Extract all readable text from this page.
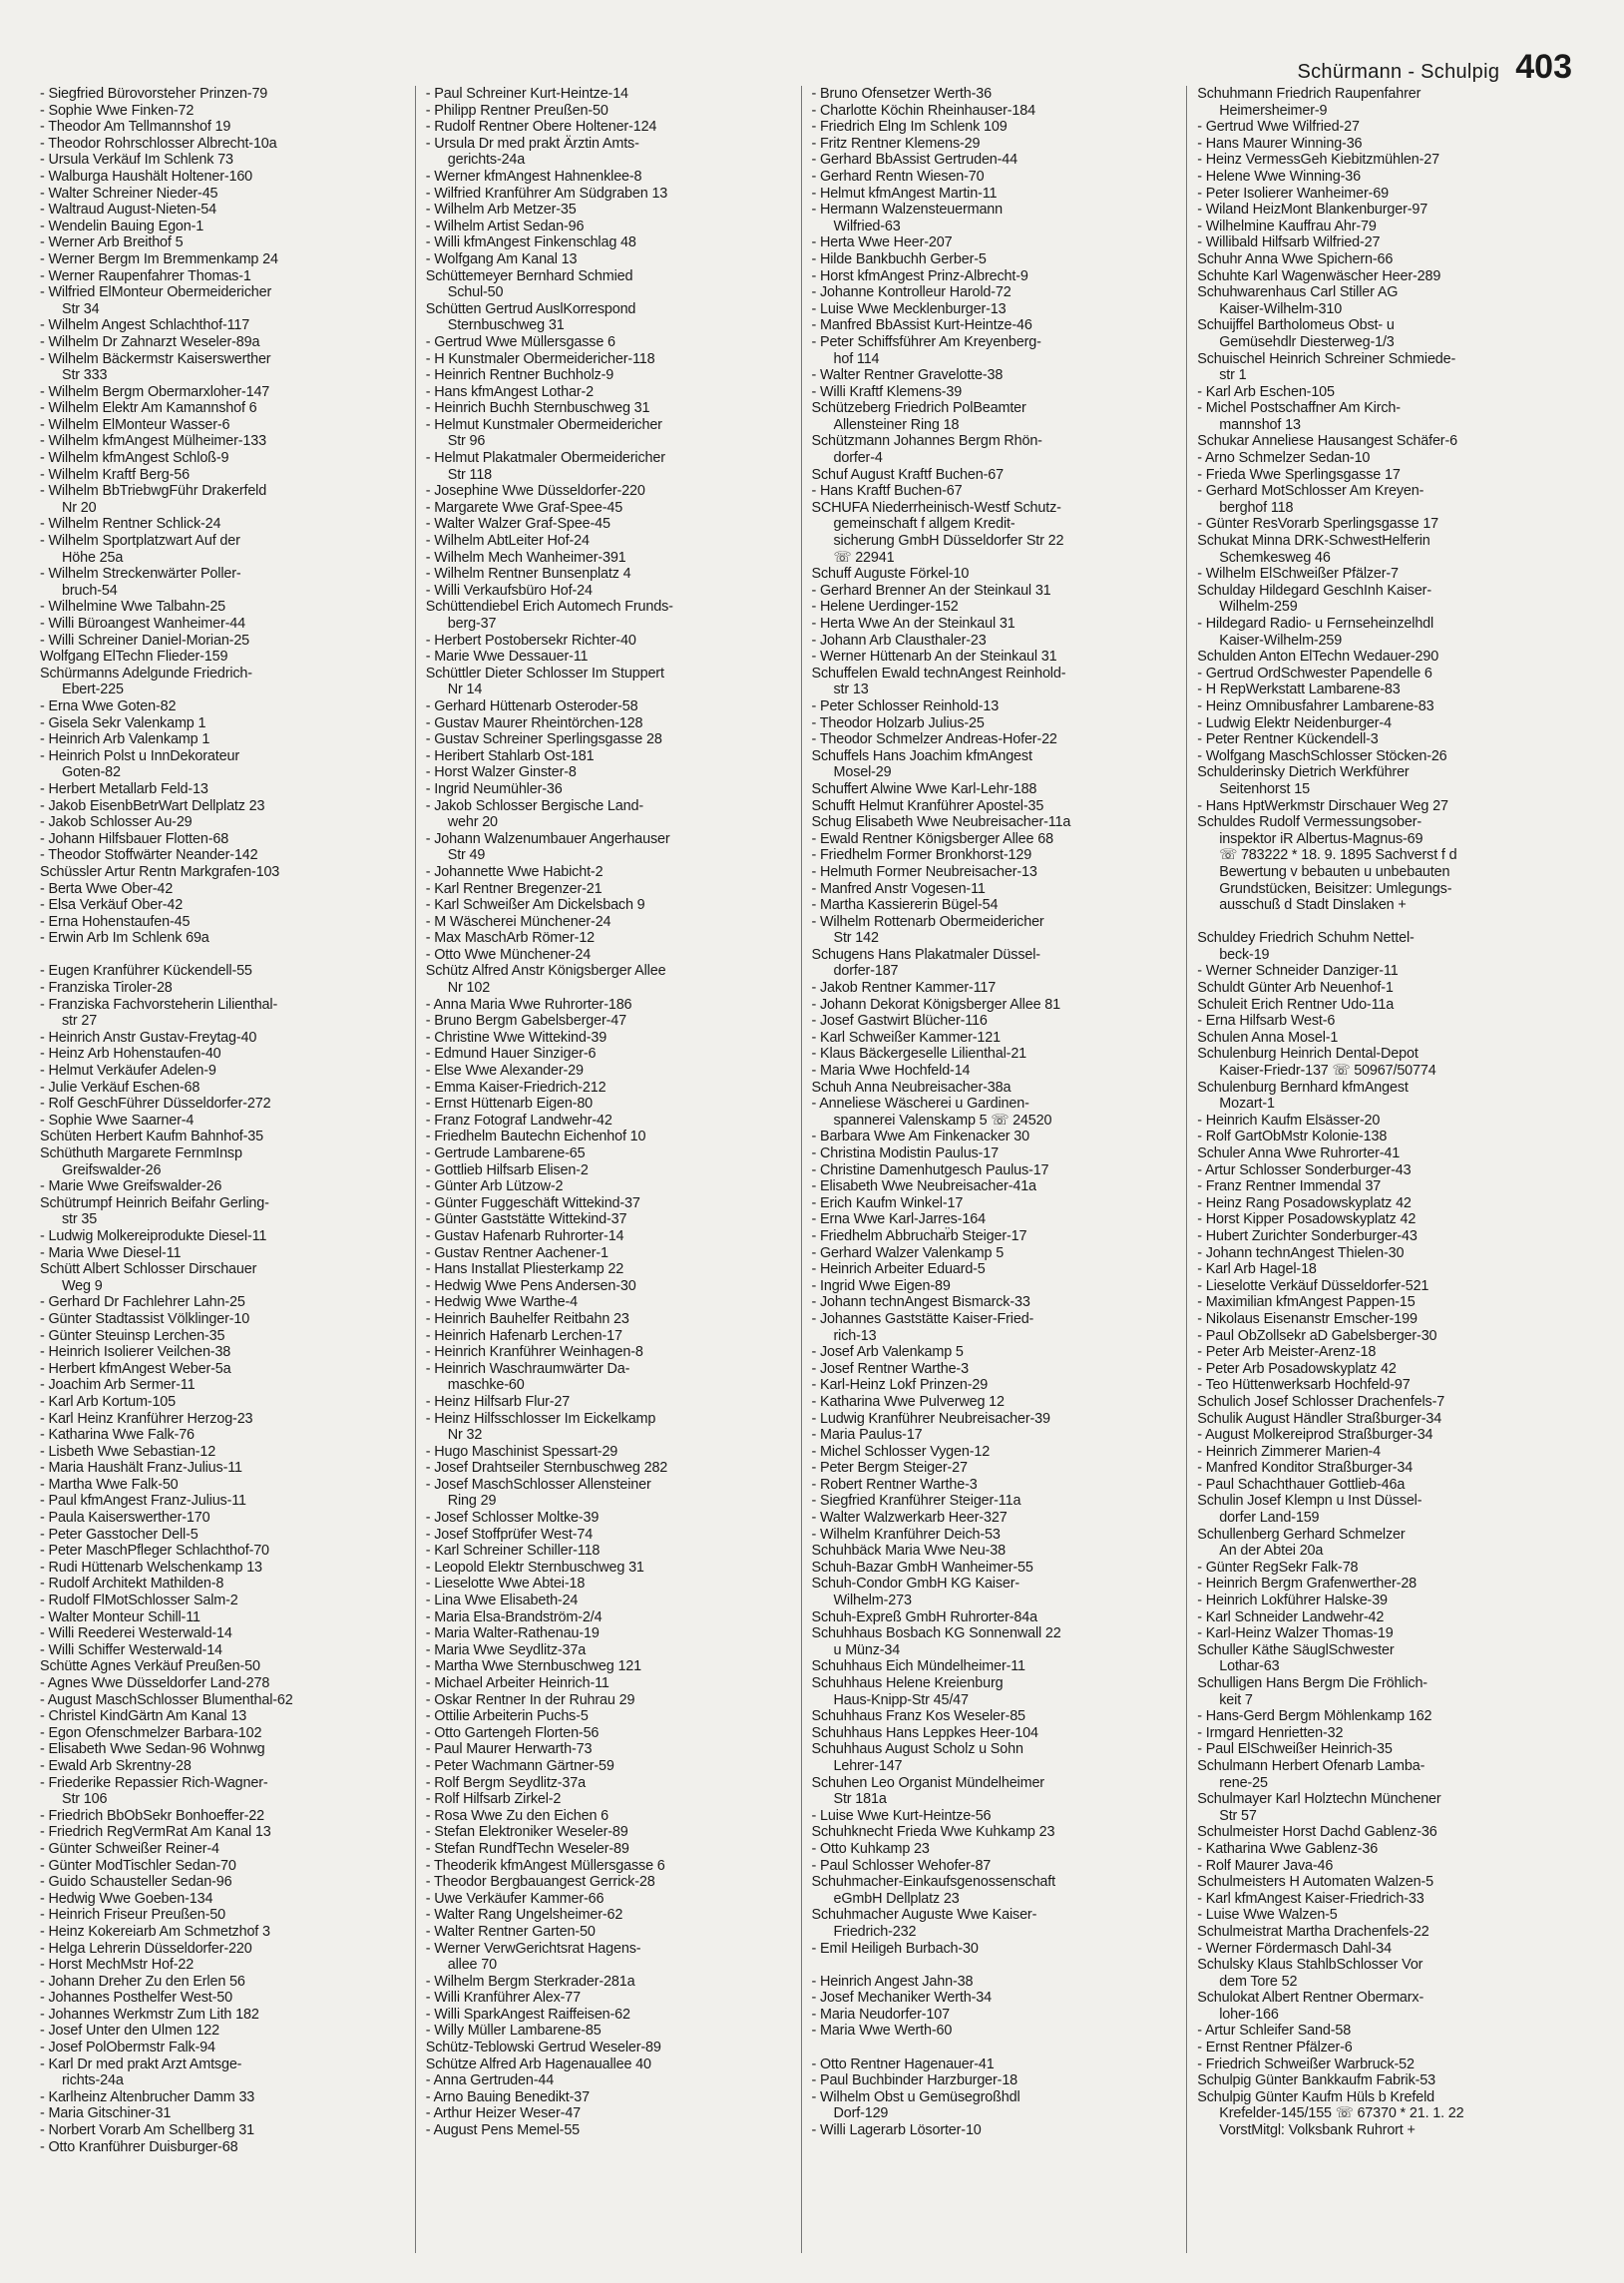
Schürmann - Schulpig 403
- Siegfried Bürovorsteher Prinzen-79
- Sophie Wwe Finken-72
- Theodor Am Tellmannshof 19
- Theodor Rohrschlosser Albrecht-10a
- Ursula Verkäuf Im Schlenk 73
- Walburga Haushält Holtener-160
- Walter Schreiner Nieder-45
- Waltraud August-Nieten-54
- Wendelin Bauing Egon-1
- Werner Arb Breithof 5
- Werner Bergm Im Bremmenkamp 24
- Werner Raupenfahrer Thomas-1
- Wilfried ElMonteur Obermeidericher
Str 34
- Wilhelm Angest Schlachthof-117
- Wilhelm Dr Zahnarzt Weseler-89a
- Wilhelm Bäckermstr Kaiserswerther
Str 333
- Wilhelm Bergm Obermarxloher-147
- Wilhelm Elektr Am Kamannshof 6
- Wilhelm ElMonteur Wasser-6
- Wilhelm kfmAngest Mülheimer-133
- Wilhelm kfmAngest Schloß-9
- Wilhelm Kraftf Berg-56
- Wilhelm BbTriebwgFühr Drakerfeld
Nr 20
- Wilhelm Rentner Schlick-24
- Wilhelm Sportplatzwart Auf der
Höhe 25a
- Wilhelm Streckenwärter Poller-
bruch-54
- Wilhelmine Wwe Talbahn-25
- Willi Büroangest Wanheimer-44
- Willi Schreiner Daniel-Morian-25
Wolfgang ElTechn Flieder-159
Schürmanns Adelgunde Friedrich-
Ebert-225
- Erna Wwe Goten-82
- Gisela Sekr Valenkamp 1
- Heinrich Arb Valenkamp 1
- Heinrich Polst u InnDekorateur
Goten-82
- Herbert Metallarb Feld-13
- Jakob EisenbBetrWart Dellplatz 23
- Jakob Schlosser Au-29
- Johann Hilfsbauer Flotten-68
- Theodor Stoffwärter Neander-142
Schüssler Artur Rentn Markgrafen-103
- Berta Wwe Ober-42
- Elsa Verkäuf Ober-42
- Erna Hohenstaufen-45
- Erwin Arb Im Schlenk 69a

- Eugen Kranführer Kückendell-55
- Franziska Tiroler-28
- Franziska Fachvorsteherin Lilienthal-
str 27
- Heinrich Anstr Gustav-Freytag-40
- Heinz Arb Hohenstaufen-40
- Helmut Verkäufer Adelen-9
- Julie Verkäuf Eschen-68
- Rolf GeschFührer Düsseldorfer-272
- Sophie Wwe Saarner-4
Schüten Herbert Kaufm Bahnhof-35
Schüthuth Margarete FernmInsp
Greifswalder-26
- Marie Wwe Greifswalder-26
Schütrumpf Heinrich Beifahr Gerling-
str 35
- Ludwig Molkereiprodukte Diesel-11
- Maria Wwe Diesel-11
Schütt Albert Schlosser Dirschauer
Weg 9
- Gerhard Dr Fachlehrer Lahn-25
- Günter Stadtassist Völklinger-10
- Günter Steuinsp Lerchen-35
- Heinrich Isolierer Veilchen-38
- Herbert kfmAngest Weber-5a
- Joachim Arb Sermer-11
- Karl Arb Kortum-105
- Karl Heinz Kranführer Herzog-23
- Katharina Wwe Falk-76
- Lisbeth Wwe Sebastian-12
- Maria Haushält Franz-Julius-11
- Martha Wwe Falk-50
- Paul kfmAngest Franz-Julius-11
- Paula Kaiserswerther-170
- Peter Gasstocher Dell-5
- Peter MaschPfleger Schlachthof-70
- Rudi Hüttenarb Welschenkamp 13
- Rudolf Architekt Mathilden-8
- Rudolf FlMotSchlosser Salm-2
- Walter Monteur Schill-11
- Willi Reederei Westerwald-14
- Willi Schiffer Westerwald-14
Schütte Agnes Verkäuf Preußen-50
- Agnes Wwe Düsseldorfer Land-278
- August MaschSchlosser Blumenthal-62
- Christel KindGärtn Am Kanal 13
- Egon Ofenschmelzer Barbara-102
- Elisabeth Wwe Sedan-96 Wohnwg
- Ewald Arb Skrentny-28
- Friederike Repassier Rich-Wagner-
Str 106
- Friedrich BbObSekr Bonhoeffer-22
- Friedrich RegVermRat Am Kanal 13
- Günter Schweißer Reiner-4
- Günter ModTischler Sedan-70
- Guido Schausteller Sedan-96
- Hedwig Wwe Goeben-134
- Heinrich Friseur Preußen-50
- Heinz Kokereiarb Am Schmetzhof 3
- Helga Lehrerin Düsseldorfer-220
- Horst MechMstr Hof-22
- Johann Dreher Zu den Erlen 56
- Johannes Posthelfer West-50
- Johannes Werkmstr Zum Lith 182
- Josef Unter den Ulmen 122
- Josef PolObermstr Falk-94
- Karl Dr med prakt Arzt Amtsge-
richts-24a
- Karlheinz Altenbrucher Damm 33
- Maria Gitschiner-31
- Norbert Vorarb Am Schellberg 31
- Otto Kranführer Duisburger-68
- Paul Schreiner Kurt-Heintze-14
- Philipp Rentner Preußen-50
- Rudolf Rentner Obere Holtener-124
- Ursula Dr med prakt Ärztin Amts-
gerichts-24a
- Werner kfmAngest Hahnenklee-8
- Wilfried Kranführer Am Südgraben 13
- Wilhelm Arb Metzer-35
- Wilhelm Artist Sedan-96
- Willi kfmAngest Finkenschlag 48
- Wolfgang Am Kanal 13
Schüttemeyer Bernhard Schmied
Schul-50
Schütten Gertrud AuslKorrespond
Sternbuschweg 31
- Gertrud Wwe Müllersgasse 6
- H Kunstmaler Obermeidericher-118
- Heinrich Rentner Buchholz-9
- Hans kfmAngest Lothar-2
- Heinrich Buchh Sternbuschweg 31
- Helmut Kunstmaler Obermeidericher
Str 96
- Helmut Plakatmaler Obermeidericher
Str 118
- Josephine Wwe Düsseldorfer-220
- Margarete Wwe Graf-Spee-45
- Walter Walzer Graf-Spee-45
- Wilhelm AbtLeiter Hof-24
- Wilhelm Mech Wanheimer-391
- Wilhelm Rentner Bunsenplatz 4
- Willi Verkaufsbüro Hof-24
Schüttendiebel Erich Automech Frunds-
berg-37
- Herbert Postobersekr Richter-40
- Marie Wwe Dessauer-11
Schüttler Dieter Schlosser Im Stuppert
Nr 14
- Gerhard Hüttenarb Osteroder-58
- Gustav Maurer Rheintörchen-128
- Gustav Schreiner Sperlingsgasse 28
- Heribert Stahlarb Ost-181
- Horst Walzer Ginster-8
- Ingrid Neumühler-36
- Jakob Schlosser Bergische Land-
wehr 20
- Johann Walzenumbauer Angerhauser
Str 49
- Johannette Wwe Habicht-2
- Karl Rentner Bregenzer-21
- Karl Schweißer Am Dickelsbach 9
- M Wäscherei Münchener-24
- Max MaschArb Römer-12
- Otto Wwe Münchener-24
Schütz Alfred Anstr Königsberger Allee
Nr 102
- Anna Maria Wwe Ruhrorter-186
- Bruno Bergm Gabelsberger-47
- Christine Wwe Wittekind-39
- Edmund Hauer Sinziger-6
- Else Wwe Alexander-29
- Emma Kaiser-Friedrich-212
- Ernst Hüttenarb Eigen-80
- Franz Fotograf Landwehr-42
- Friedhelm Bautechn Eichenhof 10
- Gertrude Lambarene-65
- Gottlieb Hilfsarb Elisen-2
- Günter Arb Lützow-2
- Günter Fuggeschäft Wittekind-37
- Günter Gaststätte Wittekind-37
- Gustav Hafenarb Ruhrorter-14
- Gustav Rentner Aachener-1
- Hans Installat Pliesterkamp 22
- Hedwig Wwe Pens Andersen-30
- Hedwig Wwe Warthe-4
- Heinrich Bauhelfer Reitbahn 23
- Heinrich Hafenarb Lerchen-17
- Heinrich Kranführer Weinhagen-8
- Heinrich Waschraumwärter Da-
maschke-60
- Heinz Hilfsarb Flur-27
- Heinz Hilfsschlosser Im Eickelkamp
Nr 32
- Hugo Maschinist Spessart-29
- Josef Drahtseiler Sternbuschweg 282
- Josef MaschSchlosser Allensteiner
Ring 29
- Josef Schlosser Moltke-39
- Josef Stoffprüfer West-74
- Karl Schreiner Schiller-118
- Leopold Elektr Sternbuschweg 31
- Lieselotte Wwe Abtei-18
- Lina Wwe Elisabeth-24
- Maria Elsa-Brandström-2/4
- Maria Walter-Rathenau-19
- Maria Wwe Seydlitz-37a
- Martha Wwe Sternbuschweg 121
- Michael Arbeiter Heinrich-11
- Oskar Rentner In der Ruhrau 29
- Ottilie Arbeiterin Puchs-5
- Otto Gartengeh Florten-56
- Paul Maurer Herwarth-73
- Peter Wachmann Gärtner-59
- Rolf Bergm Seydlitz-37a
- Rolf Hilfsarb Zirkel-2
- Rosa Wwe Zu den Eichen 6
- Stefan Elektroniker Weseler-89
- Stefan RundfTechn Weseler-89
- Theoderik kfmAngest Müllersgasse 6
- Theodor Bergbauangest Gerrick-28
- Uwe Verkäufer Kammer-66
- Walter Rang Ungelsheimer-62
- Walter Rentner Garten-50
- Werner VerwGerichtsrat Hagens-
allee 70
- Wilhelm Bergm Sterkrader-281a
- Willi Kranführer Alex-77
- Willi SparkAngest Raiffeisen-62
- Willy Müller Lambarene-85
Schütz-Teblowski Gertrud Weseler-89
Schütze Alfred Arb Hagenauallee 40
- Anna Gertruden-44
- Arno Bauing Benedikt-37
- Arthur Heizer Weser-47
- August Pens Memel-55
- Bruno Ofensetzer Werth-36
- Charlotte Köchin Rheinhauser-184
- Friedrich Elng Im Schlenk 109
- Fritz Rentner Klemens-29
- Gerhard BbAssist Gertruden-44
- Gerhard Rentn Wiesen-70
- Helmut kfmAngest Martin-11
- Hermann Walzensteuermann
Wilfried-63
- Herta Wwe Heer-207
- Hilde Bankbuchh Gerber-5
- Horst kfmAngest Prinz-Albrecht-9
- Johanne Kontrolleur Harold-72
- Luise Wwe Mecklenburger-13
- Manfred BbAssist Kurt-Heintze-46
- Peter Schiffsführer Am Kreyenberg-
hof 114
- Walter Rentner Gravelotte-38
- Willi Kraftf Klemens-39
Schützeberg Friedrich PolBeamter
Allensteiner Ring 18
Schützmann Johannes Bergm Rhön-
dorfer-4
Schuf August Kraftf Buchen-67
- Hans Kraftf Buchen-67
SCHUFA Niederrheinisch-Westf Schutz-
gemeinschaft f allgem Kredit-
sicherung GmbH Düsseldorfer Str 22
☏ 22941
Schuff Auguste Förkel-10
- Gerhard Brenner An der Steinkaul 31
- Helene Uerdinger-152
- Herta Wwe An der Steinkaul 31
- Johann Arb Clausthaler-23
- Werner Hüttenarb An der Steinkaul 31
Schuffelen Ewald technAngest Reinhold-
str 13
- Peter Schlosser Reinhold-13
- Theodor Holzarb Julius-25
- Theodor Schmelzer Andreas-Hofer-22
Schuffels Hans Joachim kfmAngest
Mosel-29
Schuffert Alwine Wwe Karl-Lehr-188
Schufft Helmut Kranführer Apostel-35
Schug Elisabeth Wwe Neubreisacher-11a
- Ewald Rentner Königsberger Allee 68
- Friedhelm Former Bronkhorst-129
- Helmuth Former Neubreisacher-13
- Manfred Anstr Vogesen-11
- Martha Kassiererin Bügel-54
- Wilhelm Rottenarb Obermeidericher
Str 142
Schugens Hans Plakatmaler Düssel-
dorfer-187
- Jakob Rentner Kammer-117
- Johann Dekorat Königsberger Allee 81
- Josef Gastwirt Blücher-116
- Karl Schweißer Kammer-121
- Klaus Bäckergeselle Lilienthal-21
- Maria Wwe Hochfeld-14
Schuh Anna Neubreisacher-38a
- Anneliese Wäscherei u Gardinen-
spannerei Valenskamp 5 ☏ 24520
- Barbara Wwe Am Finkenacker 30
- Christina Modistin Paulus-17
- Christine Damenhutgesch Paulus-17
- Elisabeth Wwe Neubreisacher-41a
- Erich Kaufm Winkel-17
- Erna Wwe Karl-Jarres-164
- Friedhelm Abbruchar̈b Steiger-17
- Gerhard Walzer Valenkamp 5
- Heinrich Arbeiter Eduard-5
- Ingrid Wwe Eigen-89
- Johann technAngest Bismarck-33
- Johannes Gaststätte Kaiser-Fried-
rich-13
- Josef Arb Valenkamp 5
- Josef Rentner Warthe-3
- Karl-Heinz Lokf Prinzen-29
- Katharina Wwe Pulverweg 12
- Ludwig Kranführer Neubreisacher-39
- Maria Paulus-17
- Michel Schlosser Vygen-12
- Peter Bergm Steiger-27
- Robert Rentner Warthe-3
- Siegfried Kranführer Steiger-11a
- Walter Walzwerkarb Heer-327
- Wilhelm Kranführer Deich-53
Schuhbäck Maria Wwe Neu-38
Schuh-Bazar GmbH Wanheimer-55
Schuh-Condor GmbH KG Kaiser-
Wilhelm-273
Schuh-Expreß GmbH Ruhrorter-84a
Schuhhaus Bosbach KG Sonnenwall 22
u Münz-34
Schuhhaus Eich Mündelheimer-11
Schuhhaus Helene Kreienburg
Haus-Knipp-Str 45/47
Schuhhaus Franz Kos Weseler-85
Schuhhaus Hans Leppkes Heer-104
Schuhhaus August Scholz u Sohn
Lehrer-147
Schuhen Leo Organist Mündelheimer
Str 181a
- Luise Wwe Kurt-Heintze-56
Schuhknecht Frieda Wwe Kuhkamp 23
- Otto Kuhkamp 23
- Paul Schlosser Wehofer-87
Schuhmacher-Einkaufsgenossenschaft
eGmbH Dellplatz 23
Schuhmacher Auguste Wwe Kaiser-
Friedrich-232
- Emil Heiligeh Burbach-30

- Heinrich Angest Jahn-38
- Josef Mechaniker Werth-34
- Maria Neudorfer-107
- Maria Wwe Werth-60

- Otto Rentner Hagenauer-41
- Paul Buchbinder Harzburger-18
- Wilhelm Obst u Gemüsegroßhdl
Dorf-129
- Willi Lagerarb Lösorter-10
Schuhmann Friedrich Raupenfahrer
Heimersheimer-9
- Gertrud Wwe Wilfried-27
- Hans Maurer Winning-36
- Heinz VermessGeh Kiebitzmühlen-27
- Helene Wwe Winning-36
- Peter Isolierer Wanheimer-69
- Wiland HeizMont Blankenburger-97
- Wilhelmine Kauffrau Ahr-79
- Willibald Hilfsarb Wilfried-27
Schuhr Anna Wwe Spichern-66
Schuhte Karl Wagenwäscher Heer-289
Schuhwarenhaus Carl Stiller AG
Kaiser-Wilhelm-310
Schuijffel Bartholomeus Obst- u
Gemüsehdlr Diesterweg-1/3
Schuischel Heinrich Schreiner Schmiede-
str 1
- Karl Arb Eschen-105
- Michel Postschaffner Am Kirch-
mannshof 13
Schukar Anneliese Hausangest Schäfer-6
- Arno Schmelzer Sedan-10
- Frieda Wwe Sperlingsgasse 17
- Gerhard MotSchlosser Am Kreyen-
berghof 118
- Günter ResVorarb Sperlingsgasse 17
Schukat Minna DRK-SchwestHelferin
Schemkesweg 46
- Wilhelm ElSchweißer Pfälzer-7
Schulday Hildegard GeschInh Kaiser-
Wilhelm-259
- Hildegard Radio- u Fernseheinzelhdl
Kaiser-Wilhelm-259
Schulden Anton ElTechn Wedauer-290
- Gertrud OrdSchwester Papendelle 6
- H RepWerkstatt Lambarene-83
- Heinz Omnibusfahrer Lambarene-83
- Ludwig Elektr Neidenburger-4
- Peter Rentner Kückendell-3
- Wolfgang MaschSchlosser Stöcken-26
Schulderinsky Dietrich Werkführer
Seitenhorst 15
- Hans HptWerkmstr Dirschauer Weg 27
Schuldes Rudolf Vermessungsober-
inspektor iR Albertus-Magnus-69
☏ 783222 * 18. 9. 1895 Sachverst f d
Bewertung v bebauten u unbebauten
Grundstücken, Beisitzer: Umlegungs-
ausschuß d Stadt Dinslaken +

Schuldey Friedrich Schuhm Nettel-
beck-19
- Werner Schneider Danziger-11
Schuldt Günter Arb Neuenhof-1
Schuleit Erich Rentner Udo-11a
- Erna Hilfsarb West-6
Schulen Anna Mosel-1
Schulenburg Heinrich Dental-Depot
Kaiser-Friedr-137 ☏ 50967/50774
Schulenburg Bernhard kfmAngest
Mozart-1
- Heinrich Kaufm Elsässer-20
- Rolf GartObMstr Kolonie-138
Schuler Anna Wwe Ruhrorter-41
- Artur Schlosser Sonderburger-43
- Franz Rentner Immendal 37
- Heinz Rang Posadowskyplatz 42
- Horst Kipper Posadowskyplatz 42
- Hubert Zurichter Sonderburger-43
- Johann technAngest Thielen-30
- Karl Arb Hagel-18
- Lieselotte Verkäuf Düsseldorfer-521
- Maximilian kfmAngest Pappen-15
- Nikolaus Eisenanstr Emscher-199
- Paul ObZollsekr aD Gabelsberger-30
- Peter Arb Meister-Arenz-18
- Peter Arb Posadowskyplatz 42
- Teo Hüttenwerksarb Hochfeld-97
Schulich Josef Schlosser Drachenfels-7
Schulik August Händler Straßburger-34
- August Molkereiprod Straßburger-34
- Heinrich Zimmerer Marien-4
- Manfred Konditor Straßburger-34
- Paul Schachthauer Gottlieb-46a
Schulin Josef Klempn u Inst Düssel-
dorfer Land-159
Schullenberg Gerhard Schmelzer
An der Abtei 20a
- Günter RegSekr Falk-78
- Heinrich Bergm Grafenwerther-28
- Heinrich Lokführer Halske-39
- Karl Schneider Landwehr-42
- Karl-Heinz Walzer Thomas-19
Schuller Käthe SäuglSchwester
Lothar-63
Schulligen Hans Bergm Die Fröhlich-
keit 7
- Hans-Gerd Bergm Möhlenkamp 162
- Irmgard Henrietten-32
- Paul ElSchweißer Heinrich-35
Schulmann Herbert Ofenarb Lamba-
rene-25
Schulmayer Karl Holztechn Münchener
Str 57
Schulmeister Horst Dachd Gablenz-36
- Katharina Wwe Gablenz-36
- Rolf Maurer Java-46
Schulmeisters H Automaten Walzen-5
- Karl kfmAngest Kaiser-Friedrich-33
- Luise Wwe Walzen-5
Schulmeistrat Martha Drachenfels-22
- Werner Fördermasch Dahl-34
Schulsky Klaus StahlbSchlosser Vor
dem Tore 52
Schulokat Albert Rentner Obermarx-
loher-166
- Artur Schleifer Sand-58
- Ernst Rentner Pfälzer-6
- Friedrich Schweißer Warbruck-52
Schulpig Günter Bankkaufm Fabrik-53
Schulpig Günter Kaufm Hüls b Krefeld
Krefelder-145/155 ☏ 67370 * 21. 1. 22
VorstMitgl: Volksbank Ruhrort +
